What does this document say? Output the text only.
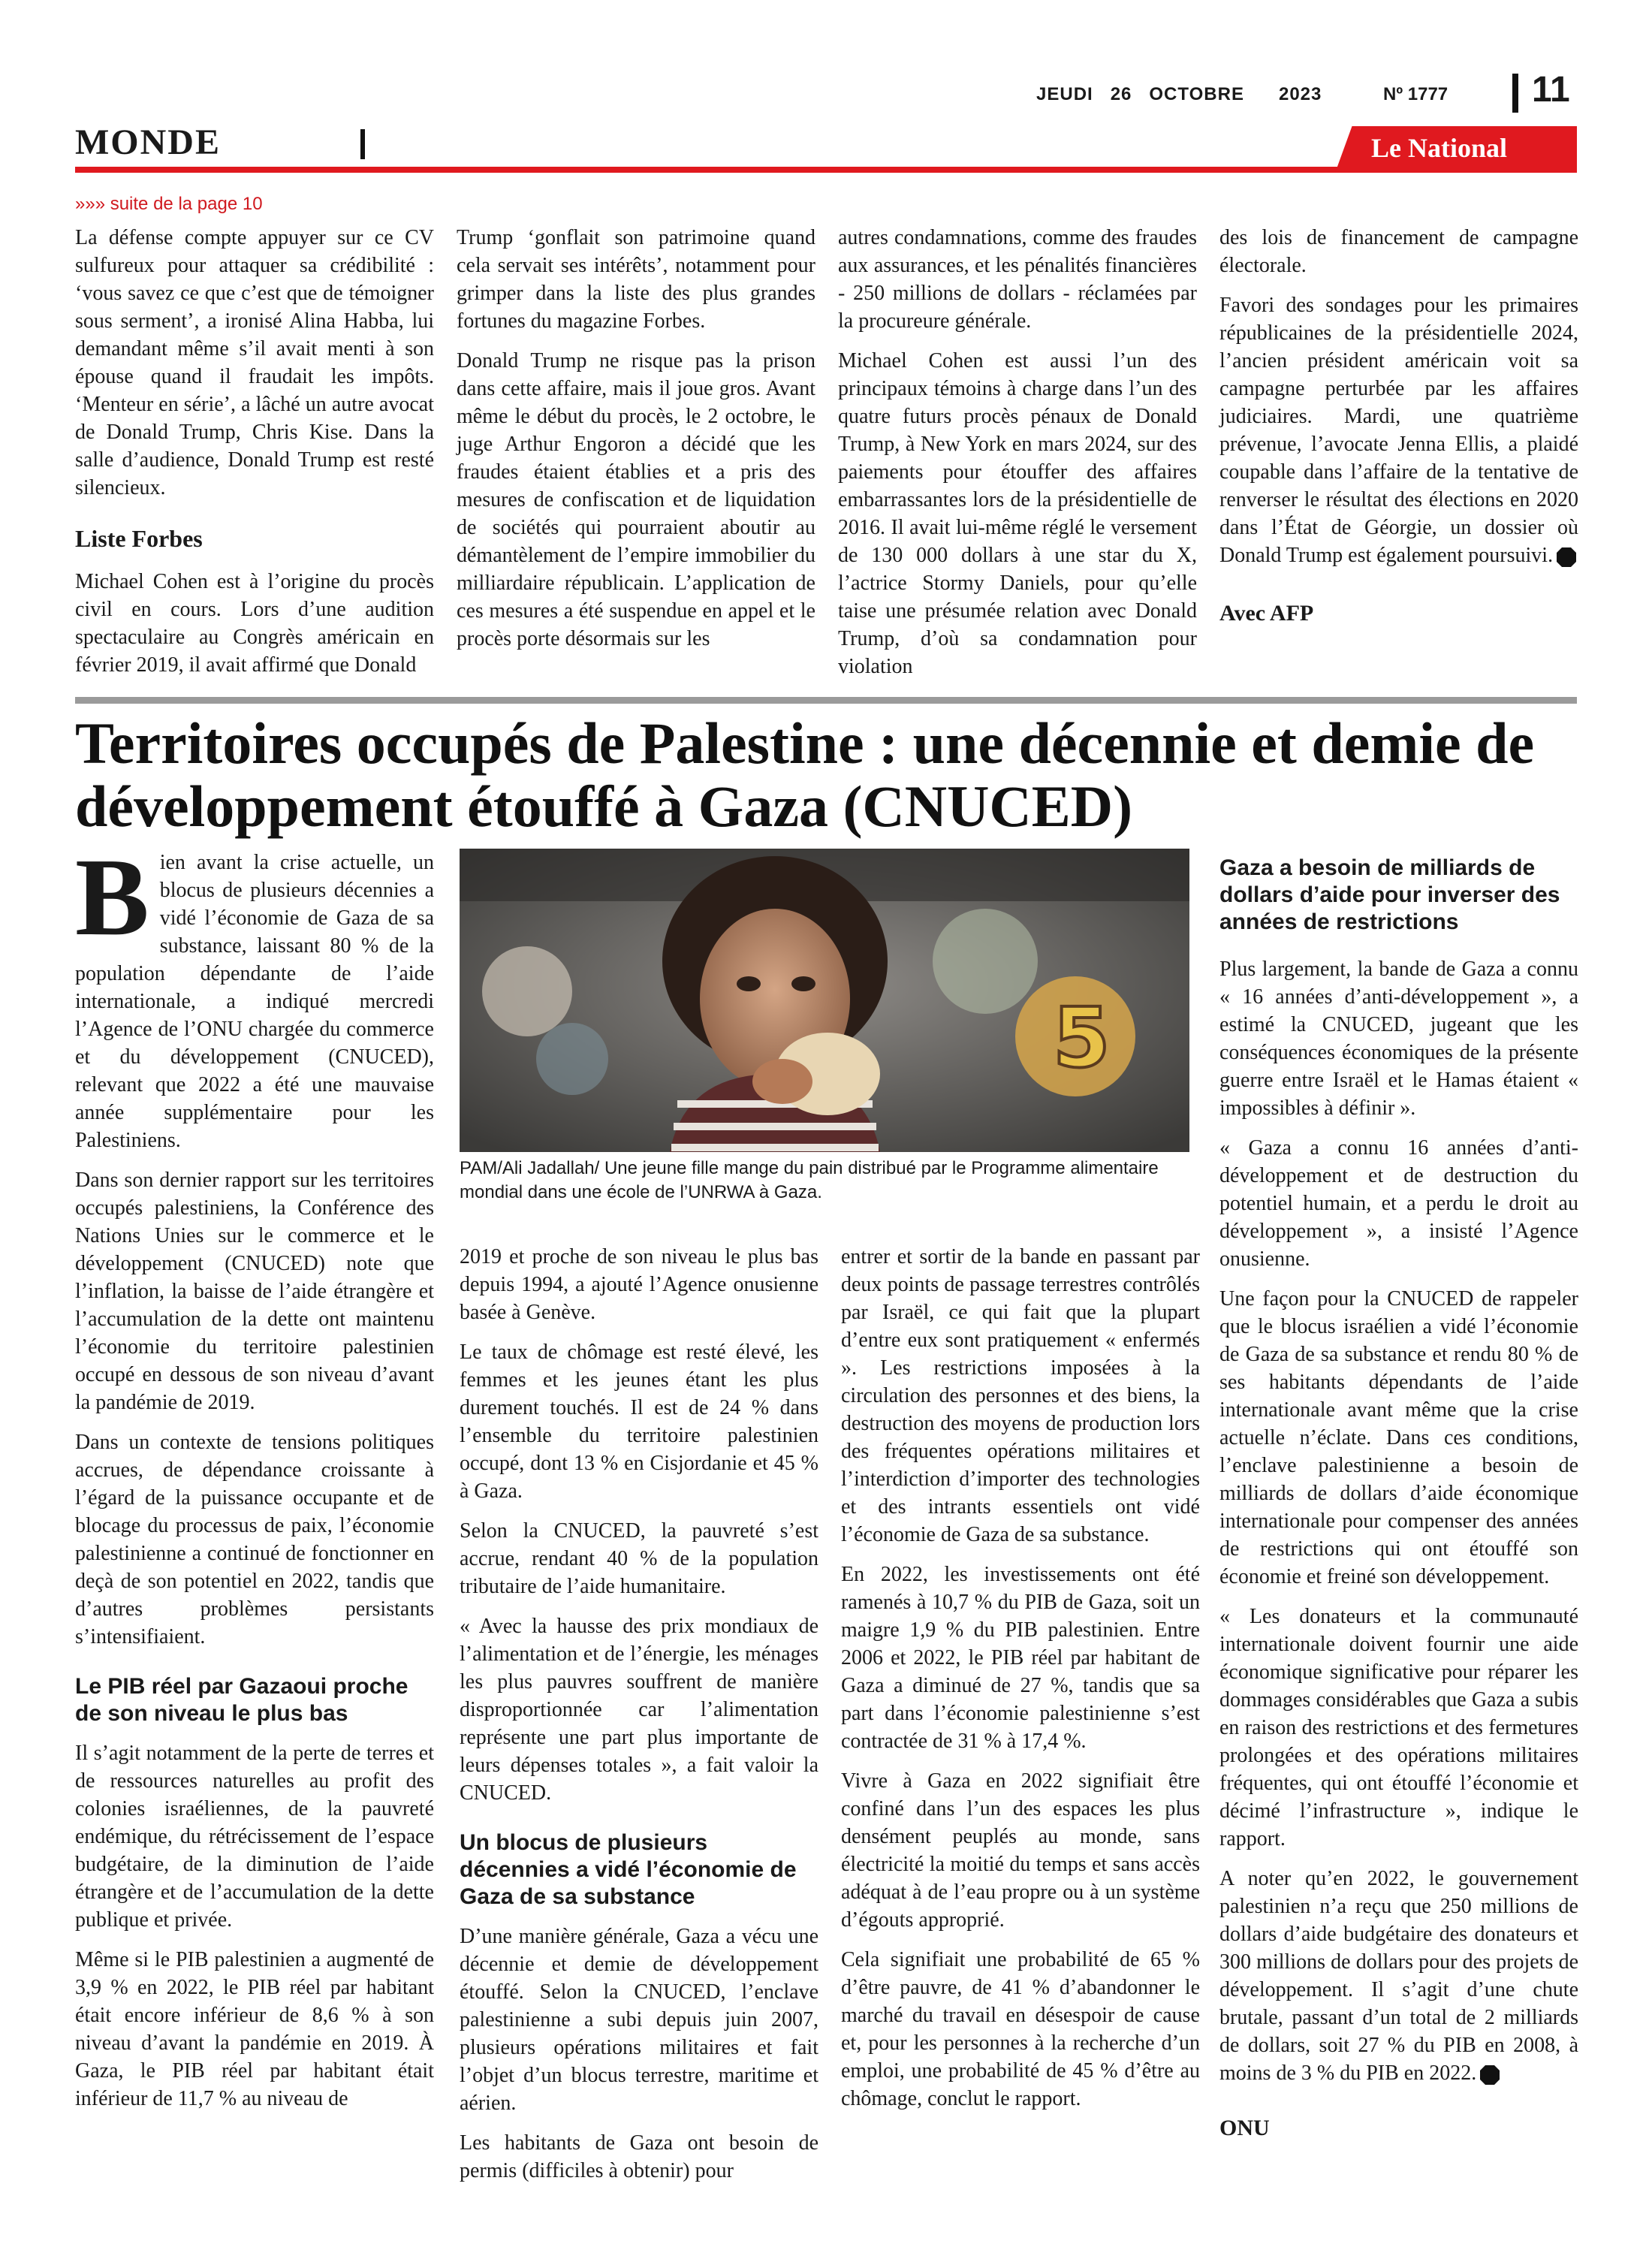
JEUDI   26   OCTOBRE      2023	Nº 1777 11
MONDE	Le National
»»» suite de la page 10

La défense compte appuyer sur ce CV sulfureux pour attaquer sa crédibilité : ‘vous savez ce que c’est que de témoigner sous serment’, a ironisé Alina Habba, lui demandant même s’il avait menti à son épouse quand il fraudait les impôts. ‘Menteur en série’, a lâché un autre avocat de Donald Trump, Chris Kise. Dans la salle d’audience, Donald Trump est resté silencieux.

Liste Forbes

Michael Cohen est à l’origine du procès civil en cours. Lors d’une audition spectaculaire au Congrès américain en février 2019, il avait affirmé que Donald

Trump ‘gonflait son patrimoine quand cela servait ses intérêts’, notamment pour grimper dans la liste des plus grandes fortunes du magazine Forbes.

Donald Trump ne risque pas la prison dans cette affaire, mais il joue gros. Avant même le début du procès, le 2 octobre, le juge Arthur Engoron a décidé que les fraudes étaient établies et a pris des mesures de confiscation et de liquidation de sociétés qui pourraient aboutir au démantèlement de l’empire immobilier du milliardaire républicain. L’application de ces mesures a été suspendue en appel et le procès porte désormais sur les

autres condamnations, comme des fraudes aux assurances, et les pénalités financières - 250 millions de dollars - réclamées par la procureure générale.

Michael Cohen est aussi l’un des principaux témoins à charge dans l’un des quatre futurs procès pénaux de Donald Trump, à New York en mars 2024, sur des paiements pour étouffer des affaires embarrassantes lors de la présidentielle de 2016. Il avait lui-même réglé le versement de 130 000 dollars à une star du X, l’actrice Stormy Daniels, pour qu’elle taise une présumée relation avec Donald Trump, d’où sa condamnation pour violation

des lois de financement de campagne électorale.

Favori des sondages pour les primaires républicaines de la présidentielle 2024, l’ancien président américain voit sa campagne perturbée par les affaires judiciaires. Mardi, une quatrième prévenue, l’avocate Jenna Ellis, a plaidé coupable dans l’affaire de la tentative de renverser le résultat des élections en 2020 dans l’État de Géorgie, un dossier où Donald Trump est également poursuivi.

Avec AFP
Territoires occupés de Palestine : une décennie et demie de développement étouffé à Gaza (CNUCED)

Bien avant la crise actuelle, un blocus de plusieurs décennies a vidé l’économie de Gaza de sa substance, laissant 80 % de la population dépendante de l’aide internationale, a indiqué mercredi l’Agence de l’ONU chargée du commerce et du développement (CNUCED), relevant que 2022 a été une mauvaise année supplémentaire pour les Palestiniens.

Dans son dernier rapport sur les territoires occupés palestiniens, la Conférence des Nations Unies sur le commerce et le développement (CNUCED) note que l’inflation, la baisse de l’aide étrangère et l’accumulation de la dette ont maintenu l’économie du territoire palestinien occupé en dessous de son niveau d’avant la pandémie de 2019.

Dans un contexte de tensions politiques accrues, de dépendance croissante à l’égard de la puissance occupante et de blocage du processus de paix, l’économie palestinienne a continué de fonctionner en deçà de son potentiel en 2022, tandis que d’autres problèmes persistants s’intensifiaient.

Le PIB réel par Gazaoui proche de son niveau le plus bas

Il s’agit notamment de la perte de terres et de ressources naturelles au profit des colonies israéliennes, de la pauvreté endémique, du rétrécissement de l’espace budgétaire, de la diminution de l’aide étrangère et de l’accumulation de la dette publique et privée.

Même si le PIB palestinien a augmenté de 3,9 % en 2022, le PIB réel par habitant était encore inférieur de 8,6 % à son niveau d’avant la pandémie en 2019. À Gaza, le PIB réel par habitant était inférieur de 11,7 % au niveau de

5
PAM/Ali Jadallah/ Une jeune fille mange du pain distribué par le Programme alimentaire mondial dans une école de l’UNRWA à Gaza.

2019 et proche de son niveau le plus bas depuis 1994, a ajouté l’Agence onusienne basée à Genève.

Le taux de chômage est resté élevé, les femmes et les jeunes étant les plus durement touchés. Il est de 24 % dans l’ensemble du territoire palestinien occupé, dont 13 % en Cisjordanie et 45 % à Gaza.

Selon la CNUCED, la pauvreté s’est accrue, rendant 40 % de la population tributaire de l’aide humanitaire.

« Avec la hausse des prix mondiaux de l’alimentation et de l’énergie, les ménages les plus pauvres souffrent de manière disproportionnée car l’alimentation représente une part plus importante de leurs dépenses totales », a fait valoir la CNUCED.

Un blocus de plusieurs décennies a vidé l’économie de Gaza de sa substance

D’une manière générale, Gaza a vécu une décennie et demie de développement étouffé. Selon la CNUCED, l’enclave palestinienne a subi depuis juin 2007, plusieurs opérations militaires et fait l’objet d’un blocus terrestre, maritime et aérien.

Les habitants de Gaza ont besoin de permis (difficiles à obtenir) pour

entrer et sortir de la bande en passant par deux points de passage terrestres contrôlés par Israël, ce qui fait que la plupart d’entre eux sont pratiquement « enfermés ». Les restrictions imposées à la circulation des personnes et des biens, la destruction des moyens de production lors des fréquentes opérations militaires et l’interdiction d’importer des technologies et des intrants essentiels ont vidé l’économie de Gaza de sa substance.

En 2022, les investissements ont été ramenés à 10,7 % du PIB de Gaza, soit un maigre 1,9 % du PIB palestinien. Entre 2006 et 2022, le PIB réel par habitant de Gaza a diminué de 27 %, tandis que sa part dans l’économie palestinienne s’est contractée de 31 % à 17,4 %.

Vivre à Gaza en 2022 signifiait être confiné dans l’un des espaces les plus densément peuplés au monde, sans électricité la moitié du temps et sans accès adéquat à de l’eau propre ou à un système d’égouts approprié.

Cela signifiait une probabilité de 65 % d’être pauvre, de 41 % d’abandonner le marché du travail en désespoir de cause et, pour les personnes à la recherche d’un emploi, une probabilité de 45 % d’être au chômage, conclut le rapport.

Gaza a besoin de milliards de dollars d’aide pour inverser des années de restrictions

Plus largement, la bande de Gaza a connu « 16 années d’anti-développement », a estimé la CNUCED, jugeant que les conséquences économiques de la présente guerre entre Israël et le Hamas étaient « impossibles à définir ».

« Gaza a connu 16 années d’anti-développement et de destruction du potentiel humain, et a perdu le droit au développement », a insisté l’Agence onusienne.

Une façon pour la CNUCED de rappeler que le blocus israélien a vidé l’économie de Gaza de sa substance et rendu 80 % de ses habitants dépendants de l’aide internationale avant même que la crise actuelle n’éclate. Dans ces conditions, l’enclave palestinienne a besoin de milliards de dollars d’aide économique internationale pour compenser des années de restrictions qui ont étouffé son économie et freiné son développement.

« Les donateurs et la communauté internationale doivent fournir une aide économique significative pour réparer les dommages considérables que Gaza a subis en raison des restrictions et des fermetures prolongées et des opérations militaires fréquentes, qui ont étouffé l’économie et décimé l’infrastructure », indique le rapport.

A noter qu’en 2022, le gouvernement palestinien n’a reçu que 250 millions de dollars d’aide budgétaire des donateurs et 300 millions de dollars pour des projets de développement. Il s’agit d’une chute brutale, passant d’un total de 2 milliards de dollars, soit 27 % du PIB en 2008, à moins de 3 % du PIB en 2022.

ONU
